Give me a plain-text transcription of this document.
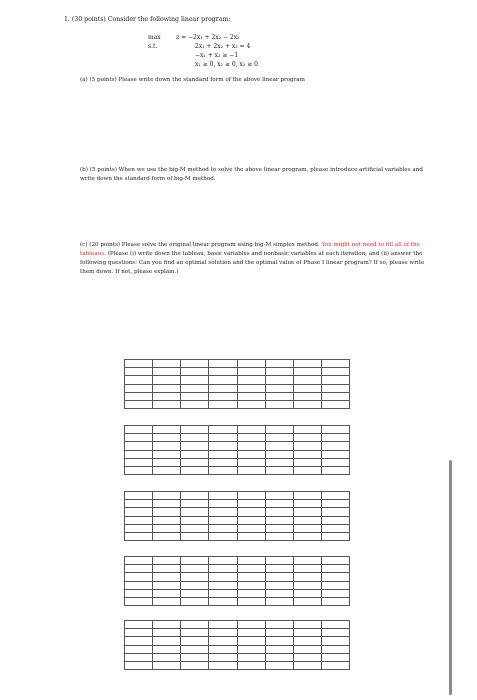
1. (30 points) Consider the following linear program:
max	z = −2x₁ + 2x₂ − 2x₃
s.t.	2x₁ + 2x₂ + x₃ = 4
−x₁ + x₂ ≥ −1
x₁ ≥ 0, x₂ ≥ 0, x₃ ≥ 0
(a) (5 points) Please write down the standard form of the above linear program
(b) (5 points) When we use the big-M method to solve the above linear program, please introduce artificial variables and write down the standard form of big-M method.
(c) (20 points) Please solve the original linear program using big-M simplex method. You might not need to fill all of the tableaus. (Please (i) write down the tableau, basic variables and nonbasic variables at each iteration, and (ii) answer the following questions: Can you find an optimal solution and the optimal value of Phase I linear program? If so, please write them down. If not, please explain.)
